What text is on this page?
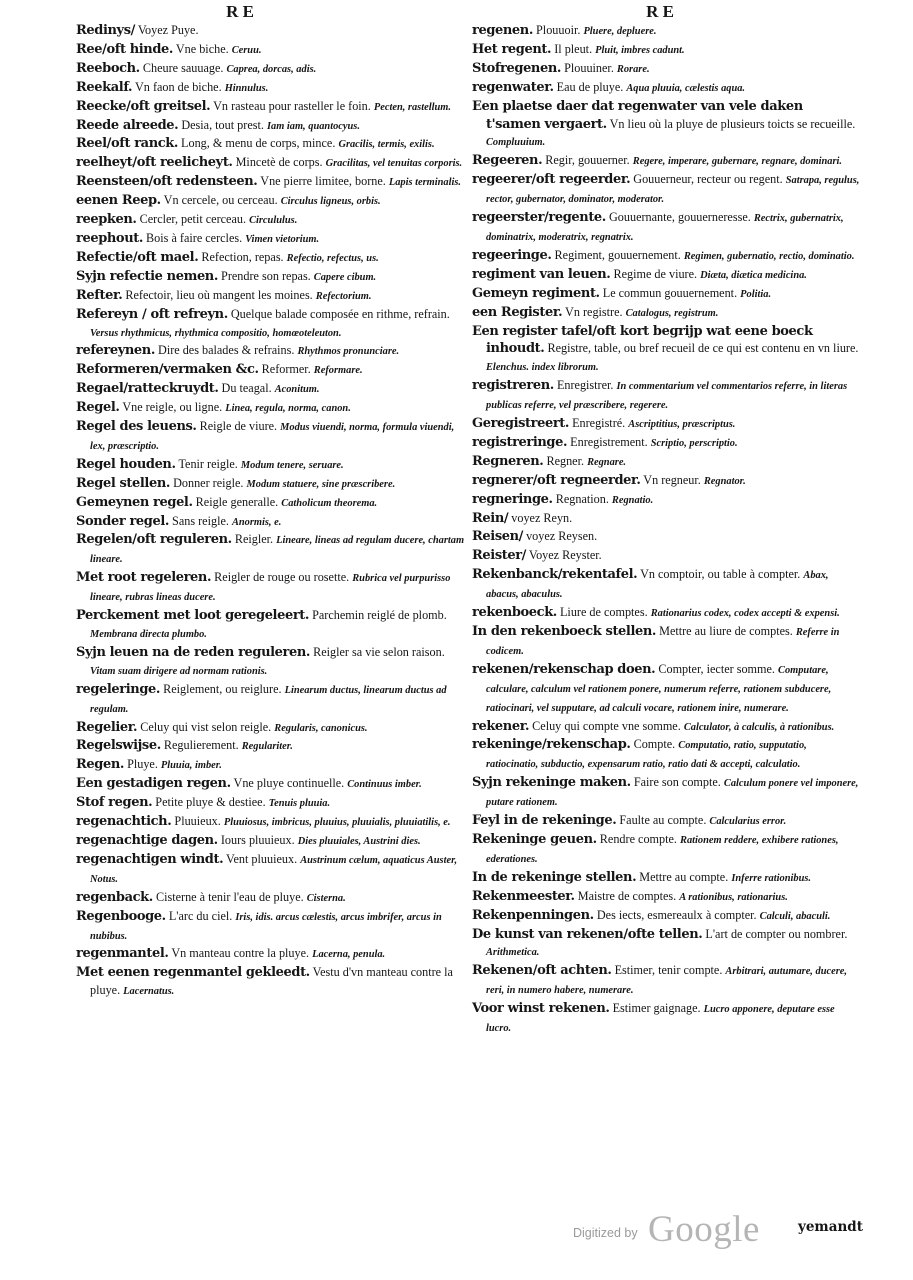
R E	R E
Redinys/ Voyez Puye.
Ree/oft hinde. Vne biche. Ceruu.
Reeboch. Cheure sauuage. Caprea, dorcas, adis.
Reekalf. Vn faon de biche. Hinnulus.
Reecke/oft greitsel. Vn rasteau pour rasteller le foin. Pecten, rastellum.
Reede alreede. Desia, tout prest. Iam iam, quantocyus.
Reel/oft ranck. Long, & menu de corps, mince. Gracilis, termis, exilis.
reelheyt/oft reelicheyt. Mincetè de corps. Gracilitas, vel tenuitas corporis.
Reensteen/oft redensteen. Vne pierre limitee, borne. Lapis terminalis.
eenen Reep. Vn cercele, ou cerceau. Circulus ligneus, orbis.
reepken. Cercler, petit cerceau. Circululus.
reephout. Bois à faire cercles. Vimen vietorium.
Refectie/oft mael. Refection, repas. Refectio, refectus, us.
Syjn refectie nemen. Prendre son repas. Capere cibum.
Refter. Refectoir, lieu où mangent les moines. Refectorium.
Refereyn / oft refreyn. Quelque balade composée en rithme, refrain. Versus rhythmicus, rhythmica compositio, homœoteleuton.
refereynen. Dire des balades & refrains. Rhythmos pronunciare.
Reformeren/vermaken &c. Reformer. Reformare.
Regael/ratteckruydt. Du teagal. Aconitum.
Regel. Vne reigle, ou ligne. Linea, regula, norma, canon.
Regel des leuens. Reigle de viure. Modus viuendi, norma, formula viuendi, lex, præscriptio.
Regel houden. Tenir reigle. Modum tenere, seruare.
Regel stellen. Donner reigle. Modum statuere, sine præscribere.
Gemeynen regel. Reigle generalle. Catholicum theorema.
Sonder regel. Sans reigle. Anormis, e.
Regelen/oft reguleren. Reigler. Lineare, lineas ad regulam ducere, chartam lineare.
Met root regeleren. Reigler de rouge ou rosette. Rubrica vel purpurisso lineare, rubras lineas ducere.
Perckement met loot geregeleert. Parchemin reiglé de plomb. Membrana directa plumbo.
Syjn leuen na de reden reguleren. Reigler sa vie selon raison. Vitam suam dirigere ad normam rationis.
regeleringe. Reiglement, ou reiglure. Linearum ductus, linearum ductus ad regulam.
Regelier. Celuy qui vist selon reigle. Regularis, canonicus.
Regelswijse. Regulierement. Regulariter.
Regen. Pluye. Pluuia, imber.
Een gestadigen regen. Vne pluye continuelle. Continuus imber.
Stof regen. Petite pluye & destiee. Tenuis pluuia.
regenachtich. Pluuieux. Pluuiosus, imbricus, pluuius, pluuialis, pluuiatilis, e.
regenachtige dagen. Iours pluuieux. Dies pluuiales, Austrini dies.
regenachtigen windt. Vent pluuieux. Austrinum cælum, aquaticus Auster, Notus.
regenback. Cisterne à tenir l'eau de pluye. Cisterna.
Regenbooge. L'arc du ciel. Iris, idis. arcus cælestis, arcus imbrifer, arcus in nubibus.
regenmantel. Vn manteau contre la pluye. Lacerna, penula.
Met eenen regenmantel gekleedt. Vestu d'vn manteau contre la pluye. Lacernatus.
regenen. Plouuoir. Pluere, depluere.
Het regent. Il pleut. Pluit, imbres cadunt.
Stofregenen. Plouuiner. Rorare.
regenwater. Eau de pluye. Aqua pluuia, cælestis aqua.
Een plaetse daer dat regenwater van vele daken t'samen vergaert. Vn lieu où la pluye de plusieurs toicts se recueille. Compluuium.
Regeeren. Regir, gouuerner. Regere, imperare, gubernare, regnare, dominari.
regeerer/oft regeerder. Gouuerneur, recteur ou regent. Satrapa, regulus, rector, gubernator, dominator, moderator.
regeerster/regente. Gouuernante, gouuerneresse. Rectrix, gubernatrix, dominatrix, moderatrix, regnatrix.
regeeringe. Regiment, gouuernement. Regimen, gubernatio, rectio, dominatio.
regiment van leuen. Regime de viure. Diæta, diætica medicina.
Gemeyn regiment. Le commun gouuernement. Politia.
een Register. Vn registre. Catalogus, registrum.
Een register tafel/oft kort begrijp wat eene boeck inhoudt. Registre, table, ou bref recueil de ce qui est contenu en vn liure. Elenchus. index librorum.
registreren. Enregistrer. In commentarium vel commentarios referre, in literas publicas referre, vel præscribere, regerere.
Geregistreert. Enregistré. Ascriptitius, præscriptus.
registreringe. Enregistrement. Scriptio, perscriptio.
Regneren. Regner. Regnare.
regnerer/oft regneerder. Vn regneur. Regnator.
regneringe. Regnation. Regnatio.
Rein/ voyez Reyn.
Reisen/ voyez Reysen.
Reister/ Voyez Reyster.
Rekenbanck/rekentafel. Vn comptoir, ou table à compter. Abax, abacus, abaculus.
rekenboeck. Liure de comptes. Rationarius codex, codex accepti & expensi.
In den rekenboeck stellen. Mettre au liure de comptes. Referre in codicem.
rekenen/rekenschap doen. Compter, iecter somme. Computare, calculare, calculum vel rationem ponere, numerum referre, rationem subducere, ratiocinari, vel supputare, ad calculi vocare, rationem inire, numerare.
rekener. Celuy qui compte vne somme. Calculator, à calculis, à rationibus.
rekeninge/rekenschap. Compte. Computatio, ratio, supputatio, ratiocinatio, subductio, expensarum ratio, ratio dati & accepti, calculatio.
Syjn rekeninge maken. Faire son compte. Calculum ponere vel imponere, putare rationem.
Feyl in de rekeninge. Faulte au compte. Calcularius error.
Rekeninge geuen. Rendre compte. Rationem reddere, exhibere rationes, ederationes.
In de rekeninge stellen. Mettre au compte. Inferre rationibus.
Rekenmeester. Maistre de comptes. A rationibus, rationarius.
Rekenpenningen. Des iects, esmereaulx à compter. Calculi, abaculi.
De kunst van rekenen/ofte tellen. L'art de compter ou nombrer. Arithmetica.
Rekenen/oft achten. Estimer, tenir compte. Arbitrari, autumare, ducere, reri, in numero habere, numerare.
Voor winst rekenen. Estimer gaignage. Lucro apponere, deputare esse lucro.
yemandt
Digitized by Google
